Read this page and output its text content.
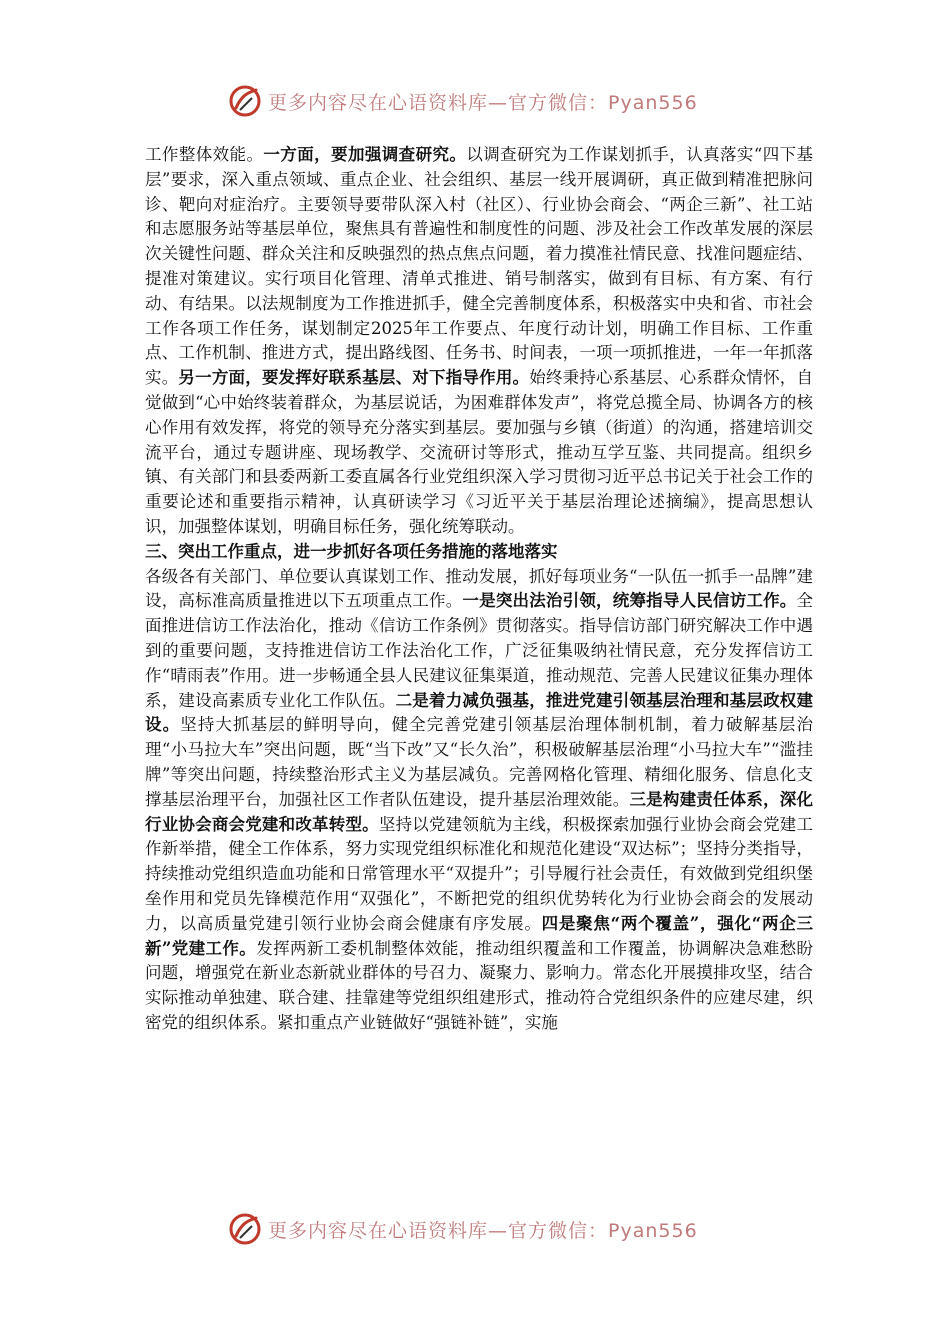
更多内容尽在心语资料库—官方微信：Pyan556

工作整体效能。一方面，要加强调查研究。以调查研究为工作谋划抓手，认真落实“四下基层”要求，深入重点领域、重点企业、社会组织、基层一线开展调研，真正做到精准把脉问诊、靶向对症治疗。主要领导要带队深入村（社区）、行业协会商会、“两企三新”、社工站和志愿服务站等基层单位，聚焦具有普遍性和制度性的问题、涉及社会工作改革发展的深层次关键性问题、群众关注和反映强烈的热点焦点问题，着力摸准社情民意、找准问题症结、提准对策建议。实行项目化管理、清单式推进、销号制落实，做到有目标、有方案、有行动、有结果。以法规制度为工作推进抓手，健全完善制度体系，积极落实中央和省、市社会工作各项工作任务，谋划制定2025年工作要点、年度行动计划，明确工作目标、工作重点、工作机制、推进方式，提出路线图、任务书、时间表，一项一项抓推进，一年一年抓落实。另一方面，要发挥好联系基层、对下指导作用。始终秉持心系基层、心系群众情怀，自觉做到“心中始终装着群众，为基层说话，为困难群体发声”，将党总揽全局、协调各方的核心作用有效发挥，将党的领导充分落实到基层。要加强与乡镇（街道）的沟通，搭建培训交流平台，通过专题讲座、现场教学、交流研讨等形式，推动互学互鉴、共同提高。组织乡镇、有关部门和县委两新工委直属各行业党组织深入学习贯彻习近平总书记关于社会工作的重要论述和重要指示精神，认真研读学习《习近平关于基层治理论述摘编》，提高思想认识，加强整体谋划，明确目标任务，强化统筹联动。

三、突出工作重点，进一步抓好各项任务措施的落地落实

各级各有关部门、单位要认真谋划工作、推动发展，抓好每项业务“一队伍一抓手一品牌”建设，高标准高质量推进以下五项重点工作。一是突出法治引领，统筹指导人民信访工作。全面推进信访工作法治化，推动《信访工作条例》贯彻落实。指导信访部门研究解决工作中遇到的重要问题，支持推进信访工作法治化工作，广泛征集吸纳社情民意，充分发挥信访工作“晴雨表”作用。进一步畅通全县人民建议征集渠道，推动规范、完善人民建议征集办理体系，建设高素质专业化工作队伍。二是着力减负强基，推进党建引领基层治理和基层政权建设。坚持大抓基层的鲜明导向，健全完善党建引领基层治理体制机制，着力破解基层治理“小马拉大车”突出问题，既“当下改”又“长久治”，积极破解基层治理“小马拉大车”“滥挂牌”等突出问题，持续整治形式主义为基层减负。完善网格化管理、精细化服务、信息化支撑基层治理平台，加强社区工作者队伍建设，提升基层治理效能。三是构建责任体系，深化行业协会商会党建和改革转型。坚持以党建领航为主线，积极探索加强行业协会商会党建工作新举措，健全工作体系，努力实现党组织标准化和规范化建设“双达标”；坚持分类指导，持续推动党组织造血功能和日常管理水平“双提升”；引导履行社会责任，有效做到党组织堡垒作用和党员先锋模范作用“双强化”，不断把党的组织优势转化为行业协会商会的发展动力，以高质量党建引领行业协会商会健康有序发展。四是聚焦“两个覆盖”，强化“两企三新”党建工作。发挥两新工委机制整体效能，推动组织覆盖和工作覆盖，协调解决急难愁盼问题，增强党在新业态新就业群体的号召力、凝聚力、影响力。常态化开展摸排攻坚，结合实际推动单独建、联合建、挂靠建等党组织组建形式，推动符合党组织条件的应建尽建，织密党的组织体系。紧扣重点产业链做好“强链补链”，实施

更多内容尽在心语资料库—官方微信：Pyan556
